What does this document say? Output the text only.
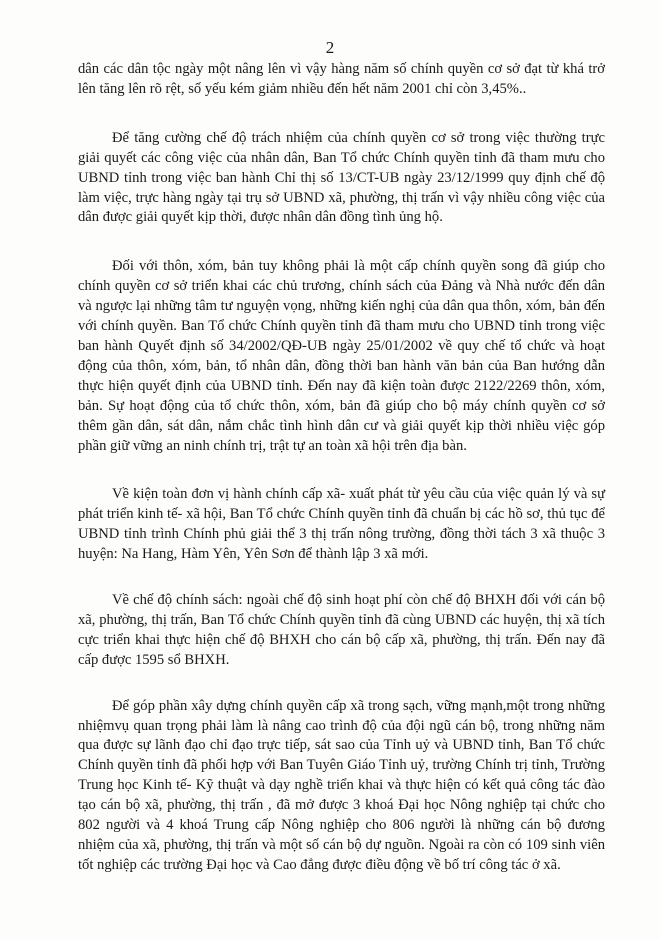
2

dân các dân tộc ngày một nâng lên vì vậy hàng năm số chính quyền cơ sở đạt từ khá trở lên tăng lên rõ rệt, số yếu kém giảm nhiều đến hết năm 2001 chỉ còn 3,45%..

Để tăng cường chế độ trách nhiệm của chính quyền cơ sở trong việc thường trực giải quyết các công việc của nhân dân, Ban Tổ chức Chính quyền tỉnh đã tham mưu cho UBND tỉnh trong việc ban hành Chỉ thị số 13/CT-UB ngày 23/12/1999 quy định chế độ làm việc, trực hàng ngày tại trụ sở UBND xã, phường, thị trấn vì vậy nhiều công việc của dân được giải quyết kịp thời, được nhân dân đồng tình ủng hộ.

Đối với thôn, xóm, bản tuy không phải là một cấp chính quyền song đã giúp cho chính quyền cơ sở triển khai các chủ trương, chính sách của Đảng và Nhà nước đến dân và ngược lại những tâm tư nguyện vọng, những kiến nghị của dân qua thôn, xóm, bản đến với chính quyền. Ban Tổ chức Chính quyền tỉnh đã tham mưu cho UBND tỉnh trong việc ban hành Quyết định số 34/2002/QĐ-UB ngày 25/01/2002 về quy chế tổ chức và hoạt động của thôn, xóm, bản, tổ nhân dân, đồng thời ban hành văn bản của Ban hướng dẫn thực hiện quyết định của UBND tỉnh. Đến nay đã kiện toàn được 2122/2269 thôn, xóm, bản. Sự hoạt động của tổ chức thôn, xóm, bản đã giúp cho bộ máy chính quyền cơ sở thêm gần dân, sát dân, nắm chắc tình hình dân cư và giải quyết kịp thời nhiều việc góp phần giữ vững an ninh chính trị, trật tự an toàn xã hội trên địa bàn.

Về kiện toàn đơn vị hành chính cấp xã- xuất phát từ yêu cầu của việc quản lý và sự phát triển kinh tế- xã hội, Ban Tổ chức Chính quyền tỉnh đã chuẩn bị các hồ sơ, thủ tục để UBND tỉnh trình Chính phủ giải thể 3 thị trấn nông trường, đồng thời tách 3 xã thuộc 3 huyện: Na Hang, Hàm Yên, Yên Sơn để thành lập 3 xã mới.

Về chế độ chính sách: ngoài chế độ sinh hoạt phí còn chế độ BHXH đối với cán bộ xã, phường, thị trấn, Ban Tổ chức Chính quyền tỉnh đã cùng UBND các huyện, thị xã tích cực triển khai thực hiện chế độ BHXH cho cán bộ cấp xã, phường, thị trấn. Đến nay đã cấp được 1595 sổ BHXH.

Để góp phần xây dựng chính quyền cấp xã trong sạch, vững mạnh,một trong những nhiệmvụ quan trọng phải làm là nâng cao trình độ của đội ngũ cán bộ, trong những năm qua được sự lãnh đạo chỉ đạo trực tiếp, sát sao của Tỉnh uỷ và UBND tỉnh, Ban Tổ chức Chính quyền tỉnh đã phối hợp với Ban Tuyên Giáo Tỉnh uỷ, trường Chính trị tỉnh, Trường Trung học Kinh tế- Kỹ thuật và dạy nghề triển khai và thực hiện có kết quả công tác đào tạo cán bộ xã, phường, thị trấn , đã mở được 3 khoá Đại học Nông nghiệp tại chức cho 802 người và 4 khoá Trung cấp Nông nghiệp cho 806 người là những cán bộ đương nhiệm của xã, phường, thị trấn và một số cán bộ dự nguồn. Ngoài ra còn có 109 sinh viên tốt nghiệp các trường Đại học và Cao đẳng được điều động về bố trí công tác ở xã.
